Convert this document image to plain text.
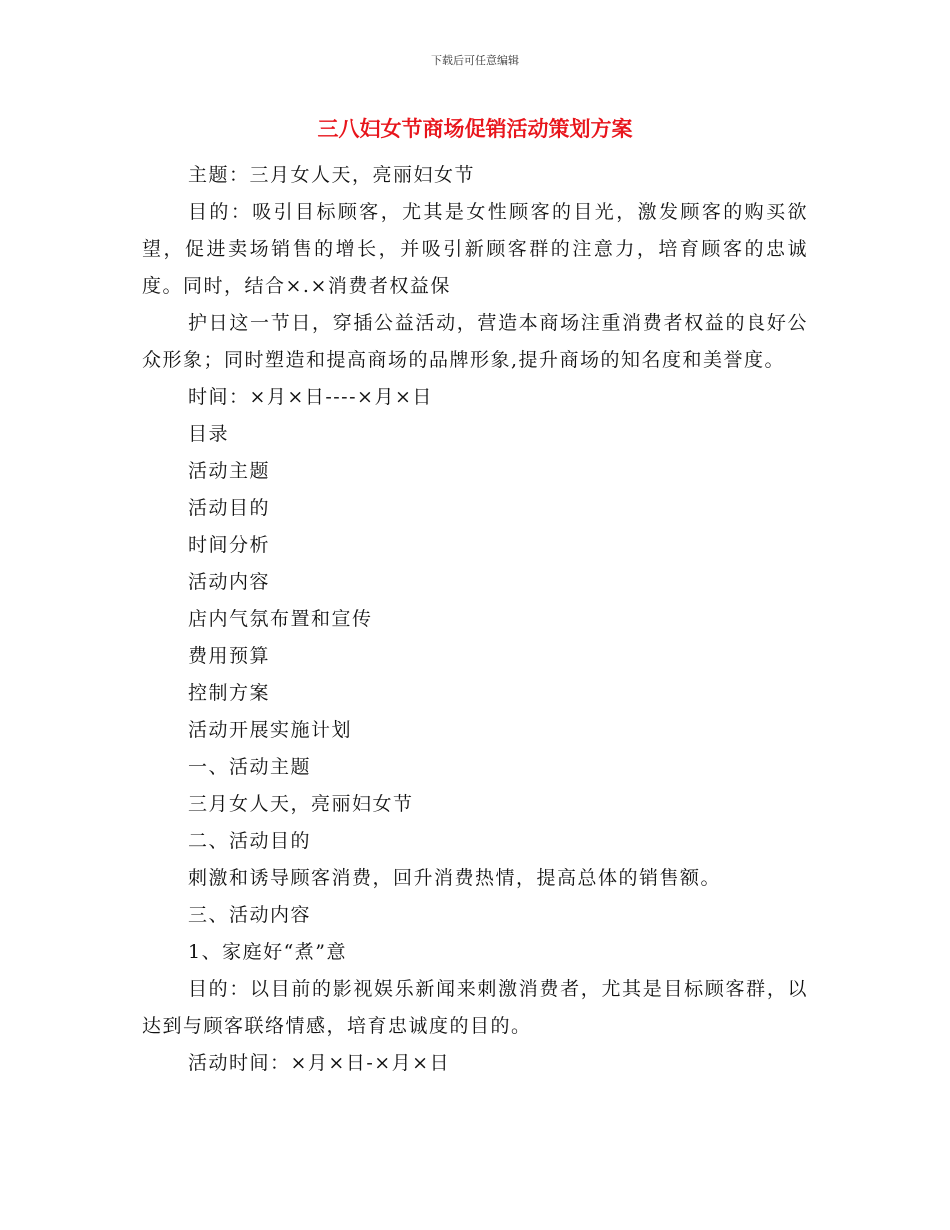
下载后可任意编辑
三八妇女节商场促销活动策划方案

主题：三月女人天，亮丽妇女节

目的：吸引目标顾客，尤其是女性顾客的目光，激发顾客的购买欲望，促进卖场销售的增长，并吸引新顾客群的注意力，培育顾客的忠诚度。同时，结合×.×消费者权益保

护日这一节日，穿插公益活动，营造本商场注重消费者权益的良好公众形象；同时塑造和提高商场的品牌形象,提升商场的知名度和美誉度。

时间：×月×日----×月×日

目录

活动主题

活动目的

时间分析

活动内容

店内气氛布置和宣传

费用预算

控制方案

活动开展实施计划

一、活动主题

三月女人天，亮丽妇女节

二、活动目的

刺激和诱导顾客消费，回升消费热情，提高总体的销售额。

三、活动内容

1、家庭好“煮”意

目的：以目前的影视娱乐新闻来刺激消费者，尤其是目标顾客群，以达到与顾客联络情感，培育忠诚度的目的。

活动时间：×月×日-×月×日
